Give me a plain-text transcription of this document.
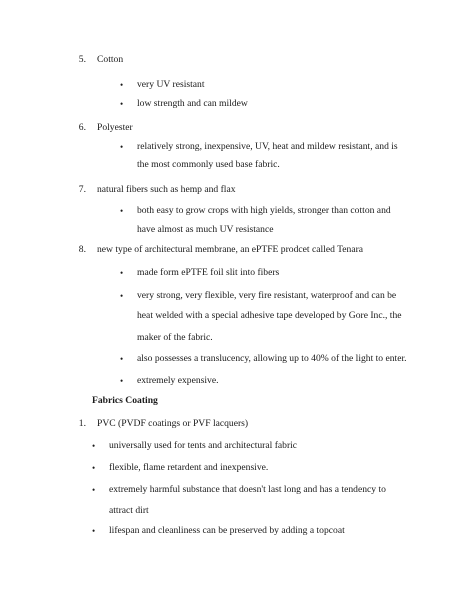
5. Cotton
• very UV resistant
• low strength and can mildew
6. Polyester
• relatively strong, inexpensive, UV, heat and mildew resistant, and is
the most commonly used base fabric.
7. natural fibers such as hemp and flax
• both easy to grow crops with high yields, stronger than cotton and
have almost as much UV resistance
8. new type of architectural membrane, an ePTFE prodcet called Tenara
• made form ePTFE foil slit into fibers
• very strong, very flexible, very fire resistant, waterproof and can be
heat welded with a special adhesive tape developed by Gore Inc., the
maker of the fabric.
• also possesses a translucency, allowing up to 40% of the light to enter.
• extremely expensive.
Fabrics Coating
1. PVC (PVDF coatings or PVF lacquers)
• universally used for tents and architectural fabric
• flexible, flame retardent and inexpensive.
• extremely harmful substance that doesn't last long and has a tendency to
attract dirt
• lifespan and cleanliness can be preserved by adding a topcoat
